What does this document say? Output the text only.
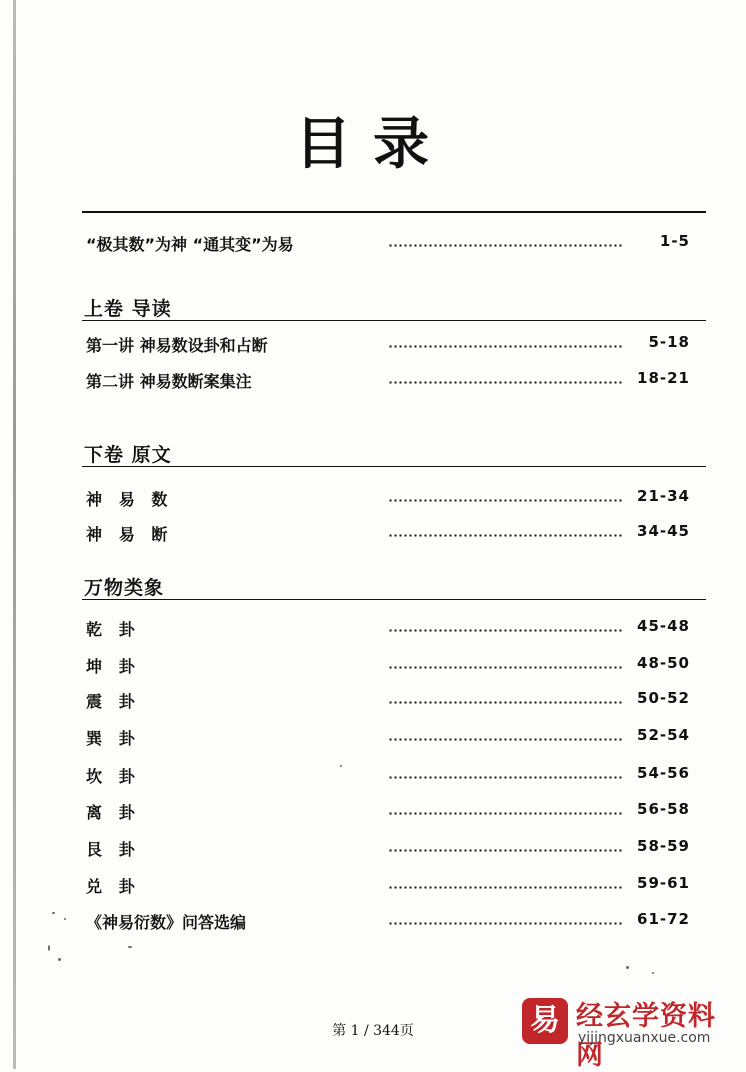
目录
“极其数”为神 “通其变”为易	1-5
上卷 导读
第一讲 神易数设卦和占断	5-18
第二讲 神易数断案集注	18-21
下卷 原文
神   易   数	21-34
神   易   断	34-45
万物类象
乾   卦	45-48
坤   卦	48-50
震   卦	50-52
巽   卦	52-54
坎   卦	54-56
离   卦	56-58
艮   卦	58-59
兑   卦	59-61
《神易衍数》问答选编	61-72
第 1 / 344页	易 经玄学资料网
yijingxuanxue.com
